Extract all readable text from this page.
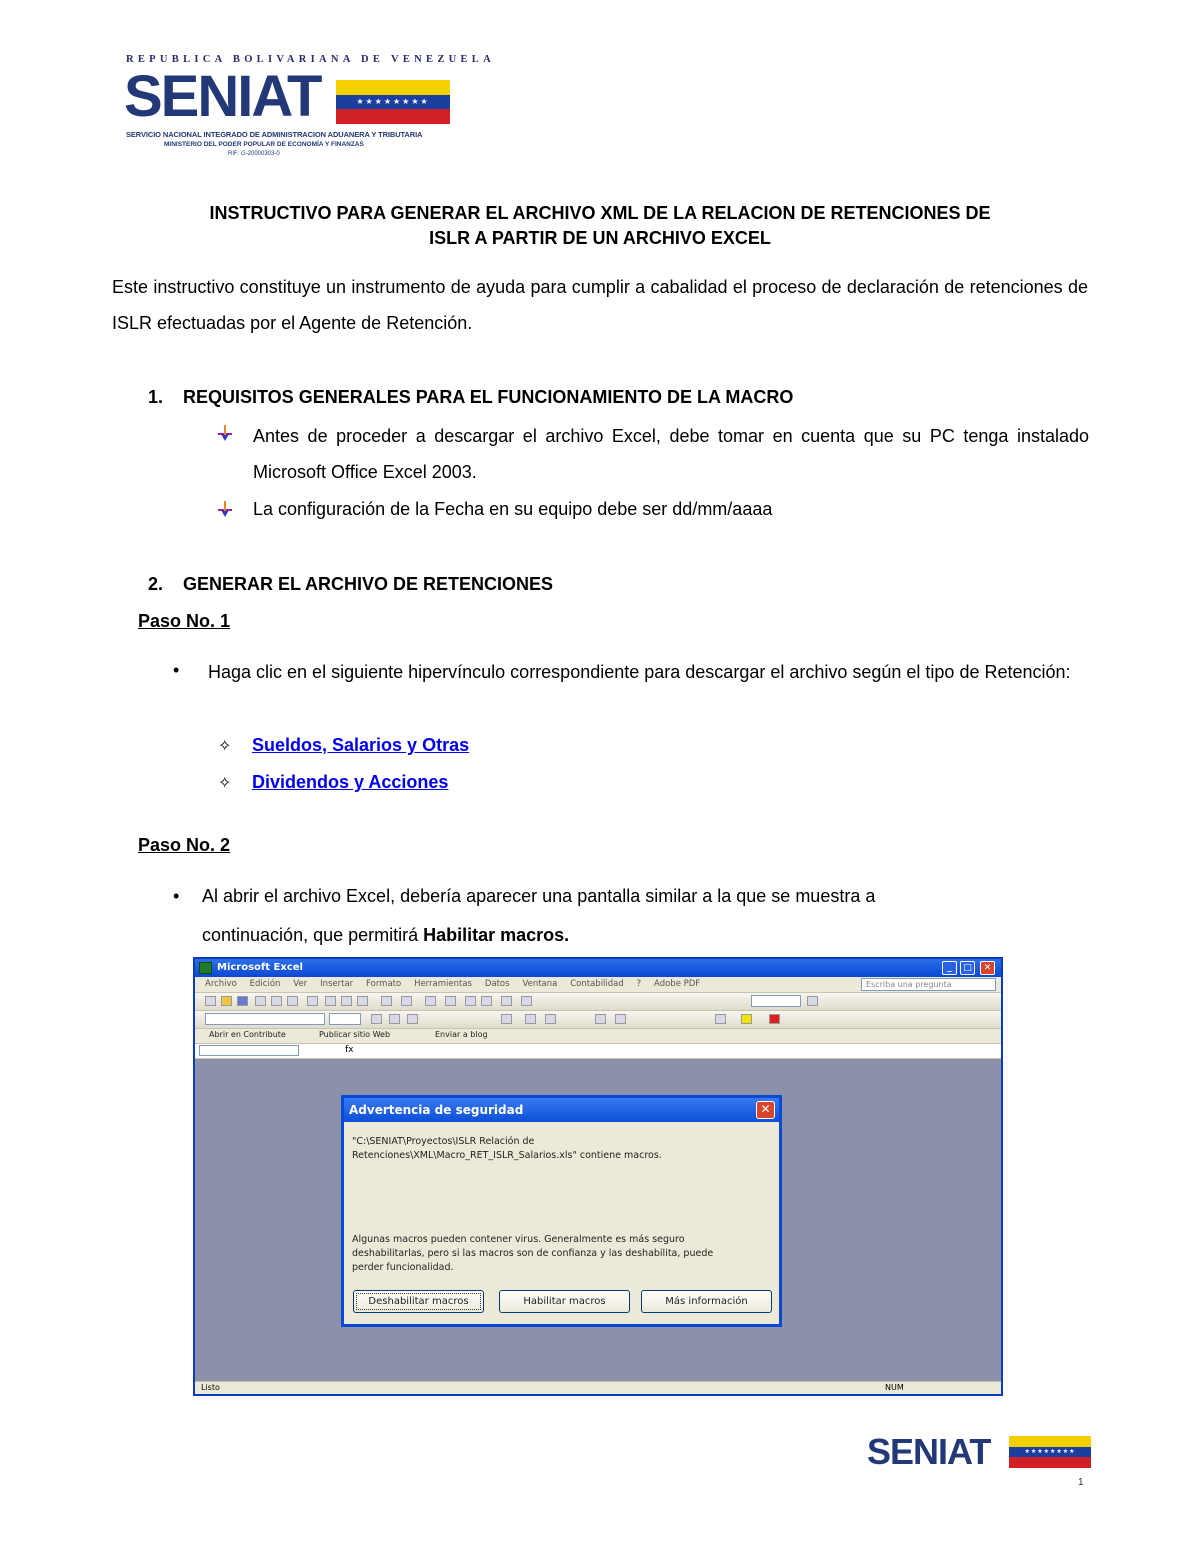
REPUBLICA BOLIVARIANA DE VENEZUELA
SENIAT	★★★★★★★★
SERVICIO NACIONAL INTEGRADO DE ADMINISTRACION ADUANERA Y TRIBUTARIA
MINISTERIO DEL PODER POPULAR DE ECONOMÍA Y FINANZAS
RIF: G-20000303-0
INSTRUCTIVO PARA GENERAR EL ARCHIVO XML DE LA RELACION DE RETENCIONES DE
ISLR A PARTIR DE UN ARCHIVO EXCEL
Este instructivo constituye un instrumento de ayuda para cumplir a cabalidad el proceso de declaración de retenciones de ISLR efectuadas por el Agente de Retención.
1. REQUISITOS GENERALES PARA EL FUNCIONAMIENTO DE LA MACRO
Antes de proceder a descargar el archivo Excel, debe tomar en cuenta que su PC tenga instalado Microsoft Office Excel 2003.
La configuración de la Fecha en su equipo debe ser dd/mm/aaaa
2. GENERAR EL ARCHIVO DE RETENCIONES
Paso No. 1
• Haga clic en el siguiente hipervínculo correspondiente para descargar el archivo según el tipo de Retención:
✧ Sueldos, Salarios y Otras
✧ Dividendos y Acciones
Paso No. 2
• Al abrir el archivo Excel, debería aparecer una pantalla similar a la que se muestra a
continuación, que permitirá Habilitar macros.
Microsoft Excel	_	□	✕
Archivo Edición Ver Insertar Formato Herramientas Datos Ventana Contabilidad ? Adobe PDF	Escriba una pregunta
Abrir en Contribute	Publicar sitio Web	Enviar a blog
fx
Advertencia de seguridad	✕
"C:\SENIAT\Proyectos\ISLR Relación de
Retenciones\XML\Macro_RET_ISLR_Salarios.xls" contiene macros.
Algunas macros pueden contener virus. Generalmente es más seguro
deshabilitarlas, pero si las macros son de confianza y las deshabilita, puede
perder funcionalidad.
Deshabilitar macros	Habilitar macros	Más información
Listo	NUM
SENIAT	★★★★★★★★
1
